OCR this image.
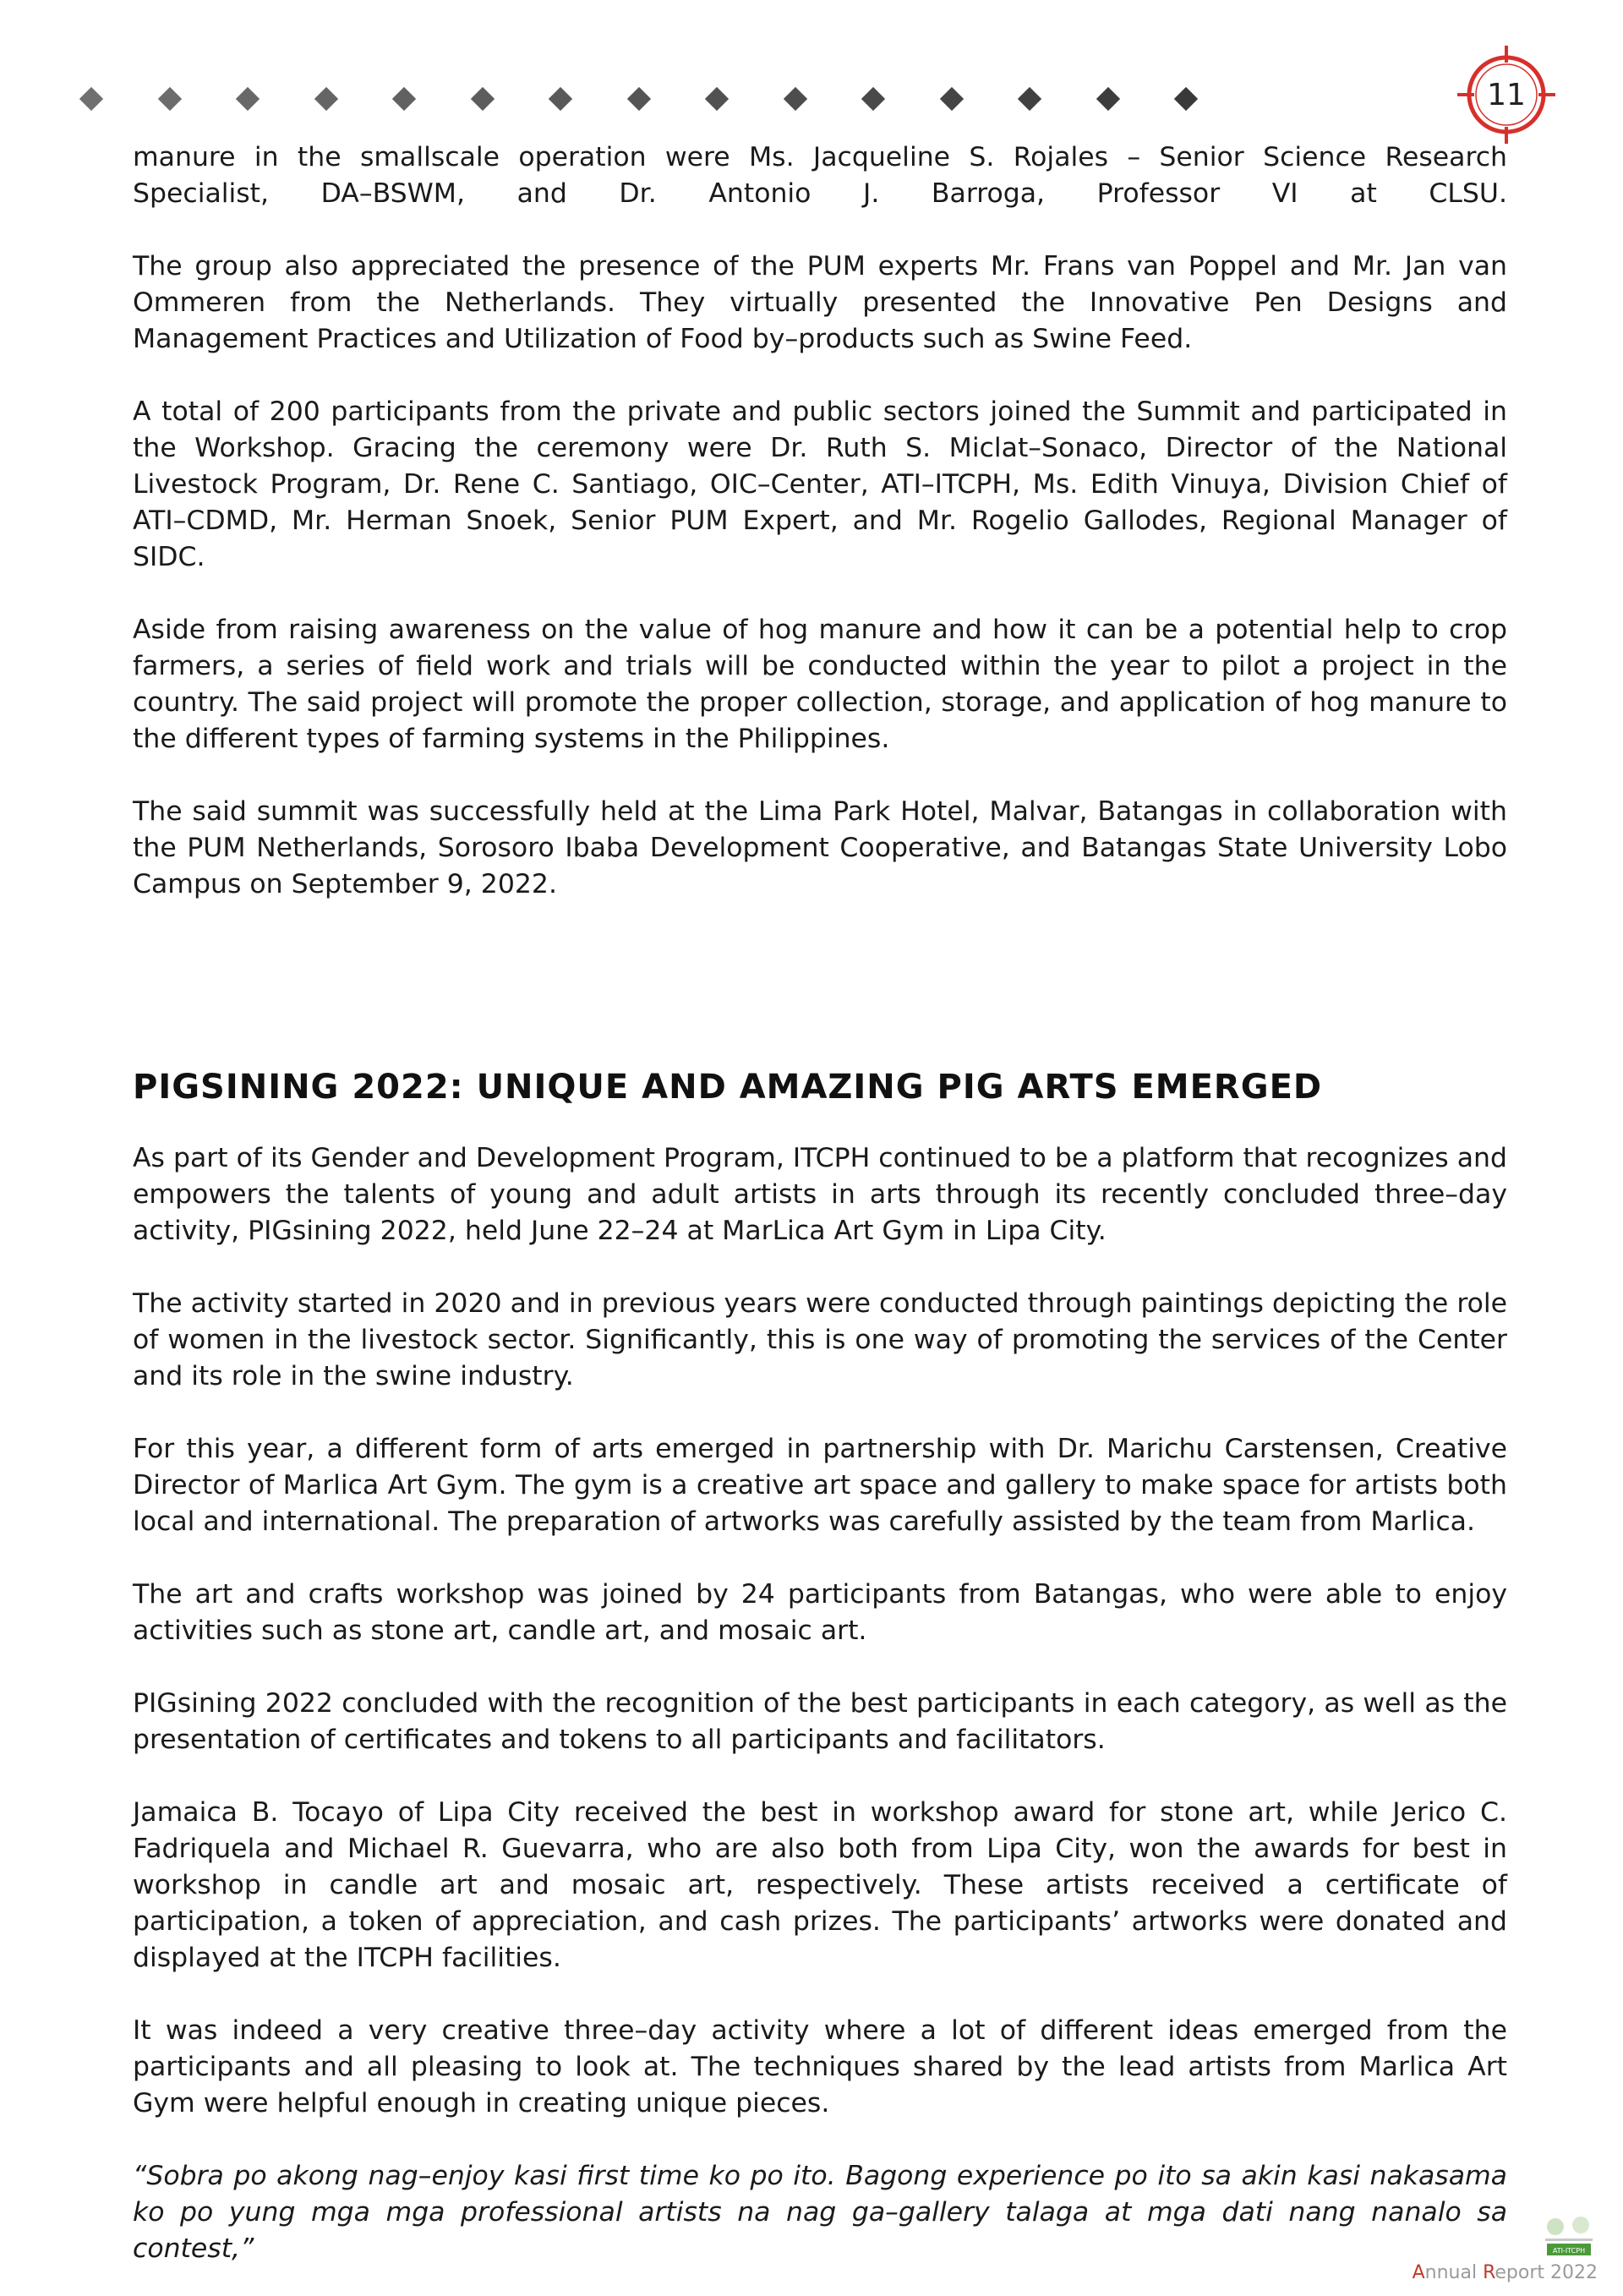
11

manure in the smallscale operation were Ms. Jacqueline S. Rojales – Senior Science Research Specialist, DA–BSWM, and Dr. Antonio J. Barroga, Professor VI at CLSU.

The group also appreciated the presence of the PUM experts Mr. Frans van Poppel and Mr. Jan van Ommeren from the Netherlands. They virtually presented the Innovative Pen Designs and Management Practices and Utilization of Food by–products such as Swine Feed.

A total of 200 participants from the private and public sectors joined the Summit and participated in the Workshop. Gracing the ceremony were Dr. Ruth S. Miclat–Sonaco, Director of the National Livestock Program, Dr. Rene C. Santiago, OIC–Center, ATI–ITCPH, Ms. Edith Vinuya, Division Chief of ATI–CDMD, Mr. Herman Snoek, Senior PUM Expert, and Mr. Rogelio Gallodes, Regional Manager of SIDC.

Aside from raising awareness on the value of hog manure and how it can be a potential help to crop farmers, a series of field work and trials will be conducted within the year to pilot a project in the country. The said project will promote the proper collection, storage, and application of hog manure to the different types of farming systems in the Philippines.

The said summit was successfully held at the Lima Park Hotel, Malvar, Batangas in collaboration with the PUM Netherlands, Sorosoro Ibaba Development Cooperative, and Batangas State University Lobo Campus on September 9, 2022.

PIGSINING 2022: UNIQUE AND AMAZING PIG ARTS EMERGED

As part of its Gender and Development Program, ITCPH continued to be a platform that recognizes and empowers the talents of young and adult artists in arts through its recently concluded three–day activity, PIGsining 2022, held June 22–24 at MarLica Art Gym in Lipa City.

The activity started in 2020 and in previous years were conducted through paintings depicting the role of women in the livestock sector. Significantly, this is one way of promoting the services of the Center and its role in the swine industry.

For this year, a different form of arts emerged in partnership with Dr. Marichu Carstensen, Creative Director of Marlica Art Gym. The gym is a creative art space and gallery to make space for artists both local and international. The preparation of artworks was carefully assisted by the team from Marlica.

The art and crafts workshop was joined by 24 participants from Batangas, who were able to enjoy activities such as stone art, candle art, and mosaic art.

PIGsining 2022 concluded with the recognition of the best participants in each category, as well as the presentation of certificates and tokens to all participants and facilitators.

Jamaica B. Tocayo of Lipa City received the best in workshop award for stone art, while Jerico C. Fadriquela and Michael R. Guevarra, who are also both from Lipa City, won the awards for best in workshop in candle art and mosaic art, respectively. These artists received a certificate of participation, a token of appreciation, and cash prizes. The participants’ artworks were donated and displayed at the ITCPH facilities.

It was indeed a very creative three–day activity where a lot of different ideas emerged from the participants and all pleasing to look at. The techniques shared by the lead artists from Marlica Art Gym were helpful enough in creating unique pieces.

“Sobra po akong nag–enjoy kasi first time ko po ito. Bagong experience po ito sa akin kasi nakasama ko po yung mga mga professional artists na nag ga–gallery talaga at mga dati nang nanalo sa contest,”	ATI-ITCPH
Annual Report 2022
